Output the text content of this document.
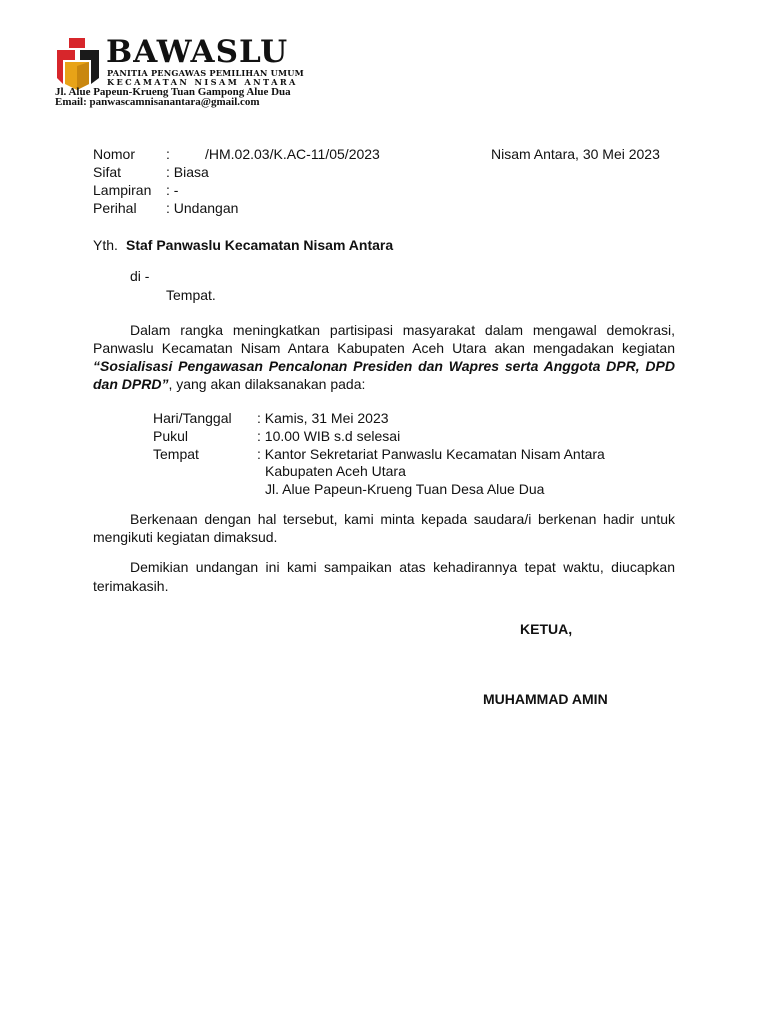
BAWASLU
PANITIA PENGAWAS PEMILIHAN UMUM
KECAMATAN NISAM ANTARA
Jl. Alue Papeun-Krueng Tuan Gampong Alue Dua
Email: panwascamnisanantara@gmail.com
Nomor :	/HM.02.03/K.AC-11/05/2023	Nisam Antara, 30 Mei 2023
Sifat	: Biasa
Lampiran : -
Perihal : Undangan
Yth. Staf Panwaslu Kecamatan Nisam Antara
di -
Tempat.
Dalam rangka meningkatkan partisipasi masyarakat dalam mengawal demokrasi,
Panwaslu Kecamatan Nisam Antara Kabupaten Aceh Utara akan mengadakan kegiatan
“Sosialisasi Pengawasan Pencalonan Presiden dan Wapres serta Anggota DPR, DPD
dan DPRD”, yang akan dilaksanakan pada:
Hari/Tanggal : Kamis, 31 Mei 2023
Pukul	: 10.00 WIB s.d selesai
Tempat	: Kantor Sekretariat Panwaslu Kecamatan Nisam Antara
Kabupaten Aceh Utara
Jl. Alue Papeun-Krueng Tuan Desa Alue Dua
Berkenaan dengan hal tersebut, kami minta kepada saudara/i berkenan hadir untuk
mengikuti kegiatan dimaksud.
Demikian undangan ini kami sampaikan atas kehadirannya tepat waktu, diucapkan
terimakasih.
KETUA,
MUHAMMAD AMIN
